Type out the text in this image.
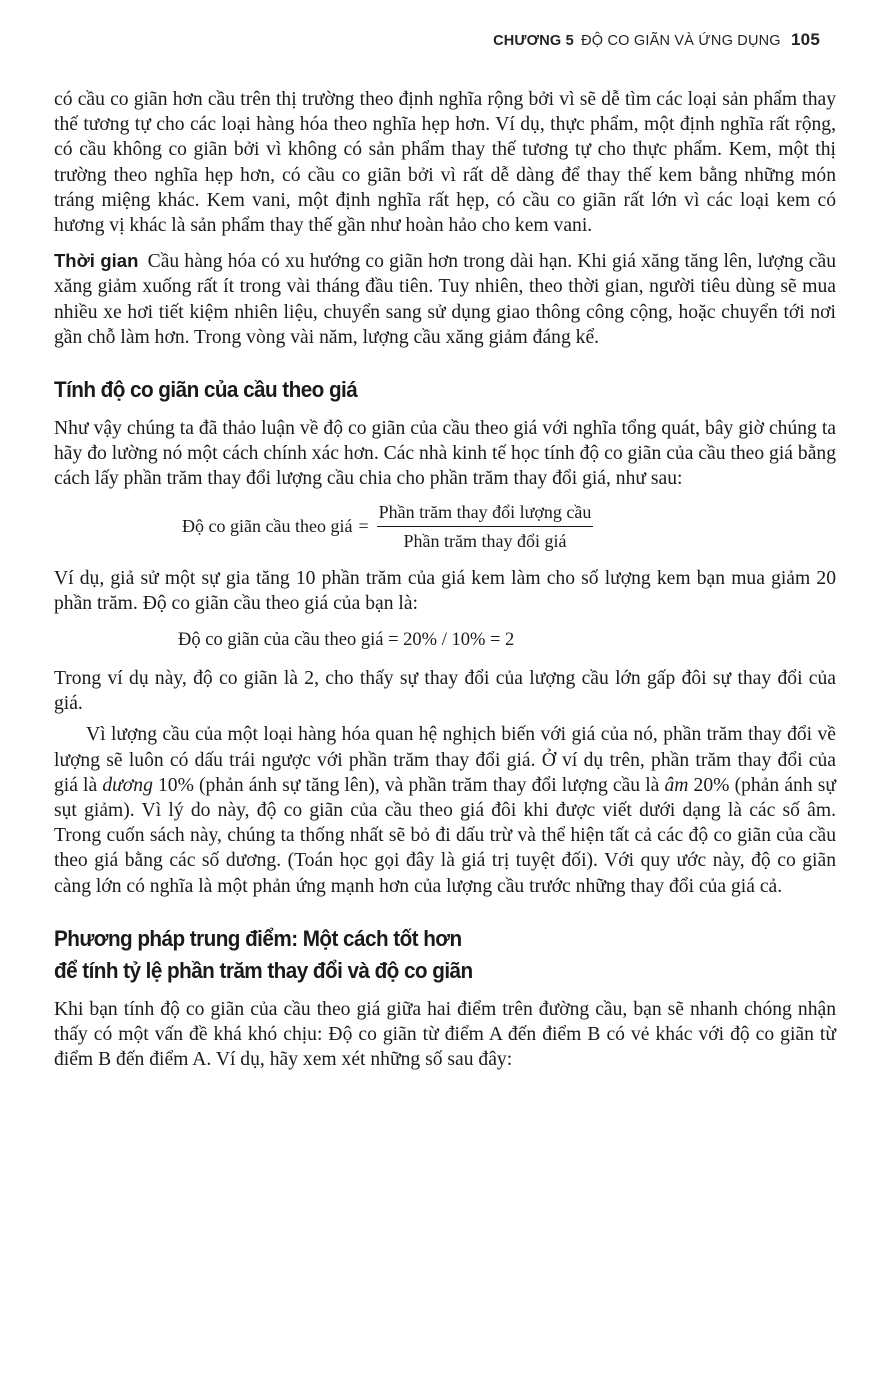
CHƯƠNG 5 ĐỘ CO GIÃN VÀ ỨNG DỤNG 105

có cầu co giãn hơn cầu trên thị trường theo định nghĩa rộng bởi vì sẽ dễ tìm các loại sản phẩm thay thế tương tự cho các loại hàng hóa theo nghĩa hẹp hơn. Ví dụ, thực phẩm, một định nghĩa rất rộng, có cầu không co giãn bởi vì không có sản phẩm thay thế tương tự cho thực phẩm. Kem, một thị trường theo nghĩa hẹp hơn, có cầu co giãn bởi vì rất dễ dàng để thay thế kem bằng những món tráng miệng khác. Kem vani, một định nghĩa rất hẹp, có cầu co giãn rất lớn vì các loại kem có hương vị khác là sản phẩm thay thế gần như hoàn hảo cho kem vani.

Thời gian Cầu hàng hóa có xu hướng co giãn hơn trong dài hạn. Khi giá xăng tăng lên, lượng cầu xăng giảm xuống rất ít trong vài tháng đầu tiên. Tuy nhiên, theo thời gian, người tiêu dùng sẽ mua nhiều xe hơi tiết kiệm nhiên liệu, chuyển sang sử dụng giao thông công cộng, hoặc chuyển tới nơi gần chỗ làm hơn. Trong vòng vài năm, lượng cầu xăng giảm đáng kể.

Tính độ co giãn của cầu theo giá

Như vậy chúng ta đã thảo luận về độ co giãn của cầu theo giá với nghĩa tổng quát, bây giờ chúng ta hãy đo lường nó một cách chính xác hơn. Các nhà kinh tế học tính độ co giãn của cầu theo giá bằng cách lấy phần trăm thay đổi lượng cầu chia cho phần trăm thay đổi giá, như sau:

Độ co giãn cầu theo giá = $\frac{\text{Phần trăm thay đổi lượng cầu}}{\text{Phần trăm thay đổi giá}}$

Ví dụ, giả sử một sự gia tăng 10 phần trăm của giá kem làm cho số lượng kem bạn mua giảm 20 phần trăm. Độ co giãn cầu theo giá của bạn là:

Độ co giãn của cầu theo giá = 20% / 10% = 2

Trong ví dụ này, độ co giãn là 2, cho thấy sự thay đổi của lượng cầu lớn gấp đôi sự thay đổi của giá.

Vì lượng cầu của một loại hàng hóa quan hệ nghịch biến với giá của nó, phần trăm thay đổi về lượng sẽ luôn có dấu trái ngược với phần trăm thay đổi giá. Ở ví dụ trên, phần trăm thay đổi của giá là dương 10% (phản ánh sự tăng lên), và phần trăm thay đổi lượng cầu là âm 20% (phản ánh sự sụt giảm). Vì lý do này, độ co giãn của cầu theo giá đôi khi được viết dưới dạng là các số âm. Trong cuốn sách này, chúng ta thống nhất sẽ bỏ đi dấu trừ và thể hiện tất cả các độ co giãn của cầu theo giá bằng các số dương. (Toán học gọi đây là giá trị tuyệt đối). Với quy ước này, độ co giãn càng lớn có nghĩa là một phản ứng mạnh hơn của lượng cầu trước những thay đổi của giá cả.

Phương pháp trung điểm: Một cách tốt hơn
để tính tỷ lệ phần trăm thay đổi và độ co giãn

Khi bạn tính độ co giãn của cầu theo giá giữa hai điểm trên đường cầu, bạn sẽ nhanh chóng nhận thấy có một vấn đề khá khó chịu: Độ co giãn từ điểm A đến điểm B có vẻ khác với độ co giãn từ điểm B đến điểm A. Ví dụ, hãy xem xét những số sau đây:
